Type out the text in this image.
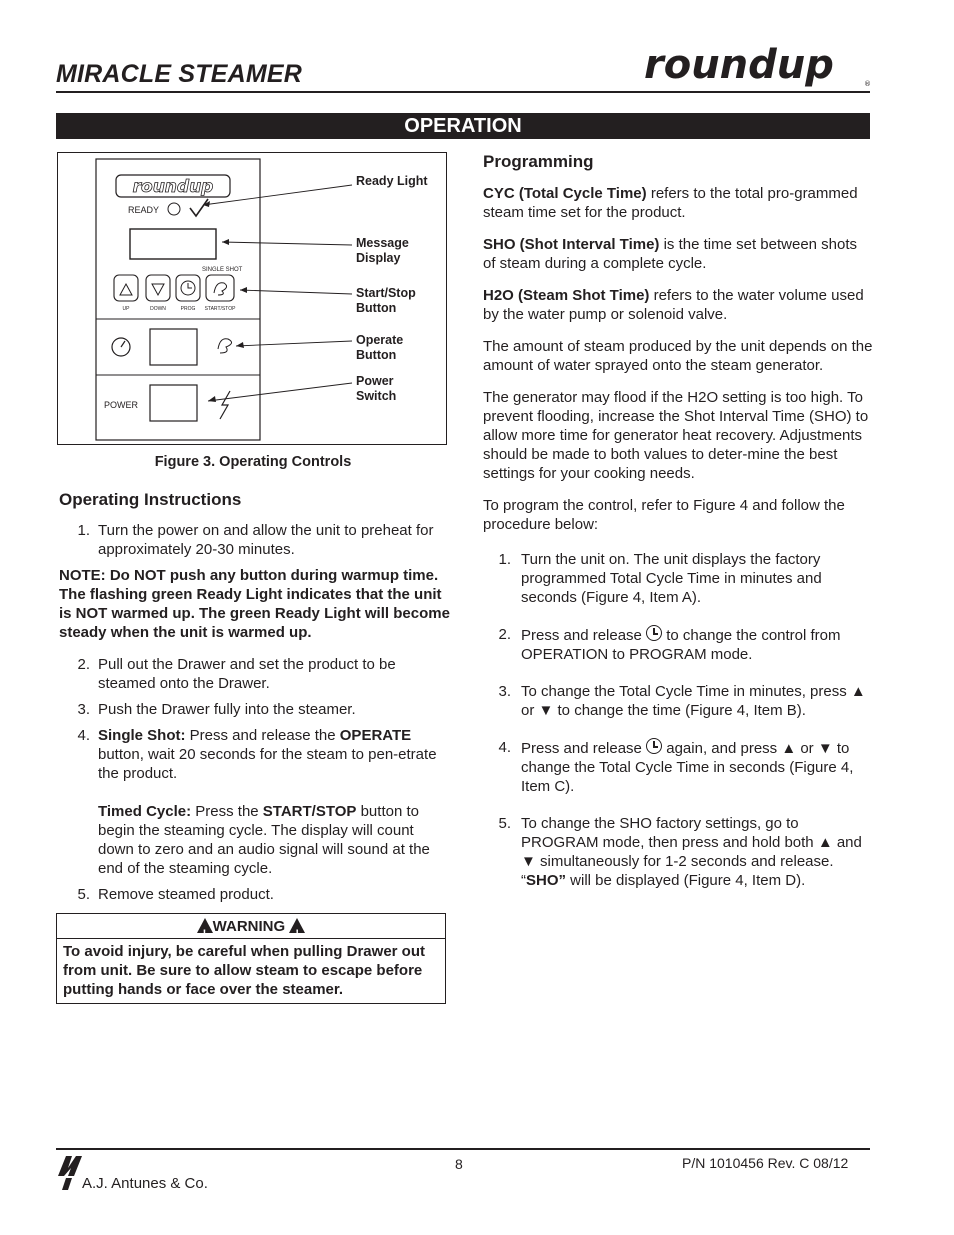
MIRACLE STEAMER	roundup	®
OPERATION
roundup
READY
SINGLE SHOT
UP	DOWN	PROG START/STOP
POWER
Ready Light
Message
Display
Start/Stop
Button
Operate
Button
Power
Switch
Figure 3. Operating Controls
Operating Instructions
1. Turn the power on and allow the unit to preheat for approximately 20-30 minutes.
NOTE: Do NOT push any button during warmup time. The flashing green Ready Light indicates that the unit is NOT warmed up. The green Ready Light will become steady when the unit is warmed up.
2. Pull out the Drawer and set the product to be steamed onto the Drawer.
3. Push the Drawer fully into the steamer.
4. Single Shot: Press and release the OPERATE button, wait 20 seconds for the steam to pen-etrate the product.
Timed Cycle: Press the START/STOP button to begin the steaming cycle. The display will count down to zero and an audio signal will sound at the end of the steaming cycle.
5. Remove steamed product.
!WARNING !
To avoid injury, be careful when pulling Drawer out from unit. Be sure to allow steam to escape before putting hands or face over the steamer.
Programming
CYC (Total Cycle Time) refers to the total pro-grammed steam time set for the product.
SHO (Shot Interval Time) is the time set between shots of steam during a complete cycle.
H2O (Steam Shot Time) refers to the water volume used by the water pump or solenoid valve.
The amount of steam produced by the unit depends on the amount of water sprayed onto the steam generator.
The generator may flood if the H2O setting is too high. To prevent flooding, increase the Shot Interval Time (SHO) to allow more time for generator heat recovery. Adjustments should be made to both values to deter-mine the best settings for your cooking needs.
To program the control, refer to Figure 4 and follow the procedure below:
1. Turn the unit on. The unit displays the factory programmed Total Cycle Time in minutes and seconds (Figure 4, Item A).
2. Press and release  to change the control from OPERATION to PROGRAM mode.
3. To change the Total Cycle Time in minutes, press ▲ or ▼ to change the time (Figure 4, Item B).
4. Press and release  again, and press ▲ or ▼ to change the Total Cycle Time in seconds (Figure 4, Item C).
5. To change the SHO factory settings, go to PROGRAM mode, then press and hold both ▲ and ▼ simultaneously for 1-2 seconds and release. “SHO” will be displayed (Figure 4, Item D).
A.J. Antunes & Co.
8	P/N 1010456 Rev. C 08/12
